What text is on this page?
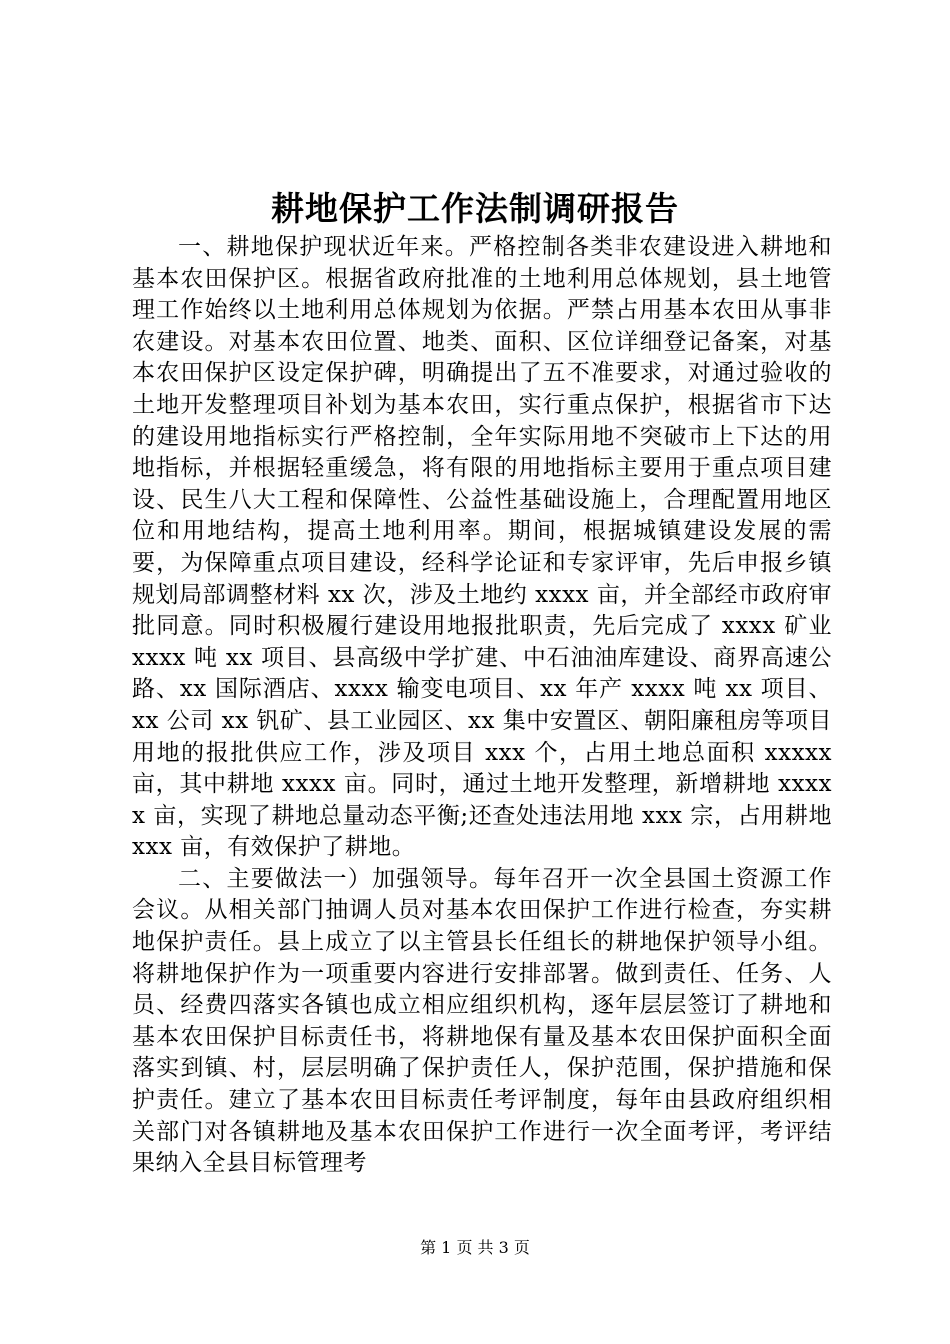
耕地保护工作法制调研报告

一、耕地保护现状近年来。严格控制各类非农建设进入耕地和基本农田保护区。根据省政府批准的土地利用总体规划，县土地管理工作始终以土地利用总体规划为依据。严禁占用基本农田从事非农建设。对基本农田位置、地类、面积、区位详细登记备案，对基本农田保护区设定保护碑，明确提出了五不准要求，对通过验收的土地开发整理项目补划为基本农田，实行重点保护，根据省市下达的建设用地指标实行严格控制，全年实际用地不突破市上下达的用地指标，并根据轻重缓急，将有限的用地指标主要用于重点项目建设、民生八大工程和保障性、公益性基础设施上，合理配置用地区位和用地结构，提高土地利用率。期间，根据城镇建设发展的需要，为保障重点项目建设，经科学论证和专家评审，先后申报乡镇规划局部调整材料 xx 次，涉及土地约 xxxx 亩，并全部经市政府审批同意。同时积极履行建设用地报批职责，先后完成了 xxxx 矿业 xxxx 吨 xx 项目、县高级中学扩建、中石油油库建设、商界高速公路、xx 国际酒店、xxxx 输变电项目、xx 年产 xxxx 吨 xx 项目、xx 公司 xx 钒矿、县工业园区、xx 集中安置区、朝阳廉租房等项目用地的报批供应工作，涉及项目 xxx 个，占用土地总面积 xxxxx 亩，其中耕地 xxxx 亩。同时，通过土地开发整理，新增耕地 xxxxx 亩，实现了耕地总量动态平衡;还查处违法用地 xxx 宗，占用耕地 xxx 亩，有效保护了耕地。

二、主要做法一）加强领导。每年召开一次全县国土资源工作会议。从相关部门抽调人员对基本农田保护工作进行检查，夯实耕地保护责任。县上成立了以主管县长任组长的耕地保护领导小组。将耕地保护作为一项重要内容进行安排部署。做到责任、任务、人员、经费四落实各镇也成立相应组织机构，逐年层层签订了耕地和基本农田保护目标责任书，将耕地保有量及基本农田保护面积全面落实到镇、村，层层明确了保护责任人，保护范围，保护措施和保护责任。建立了基本农田目标责任考评制度，每年由县政府组织相关部门对各镇耕地及基本农田保护工作进行一次全面考评，考评结果纳入全县目标管理考

第 1 页 共 3 页
